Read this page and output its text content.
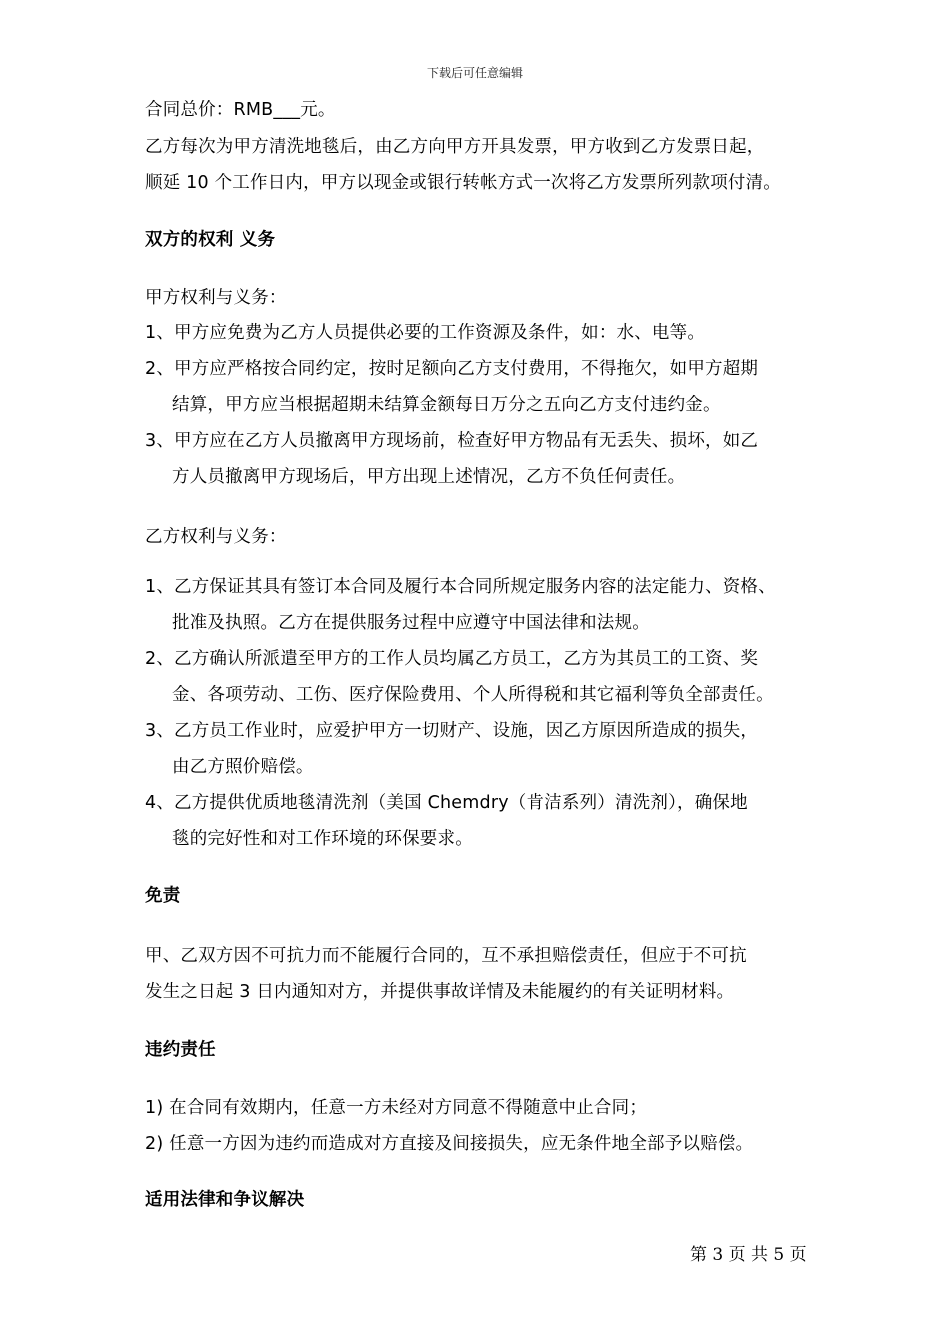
下载后可任意编辑
合同总价：RMB___元。
乙方每次为甲方清洗地毯后，由乙方向甲方开具发票，甲方收到乙方发票日起，
顺延 10 个工作日内，甲方以现金或银行转帐方式一次将乙方发票所列款项付清。
双方的权利 义务
甲方权利与义务：
1、甲方应免费为乙方人员提供必要的工作资源及条件，如：水、电等。
2、甲方应严格按合同约定，按时足额向乙方支付费用，不得拖欠，如甲方超期
结算，甲方应当根据超期未结算金额每日万分之五向乙方支付违约金。
3、甲方应在乙方人员撤离甲方现场前，检查好甲方物品有无丢失、损坏，如乙
方人员撤离甲方现场后，甲方出现上述情况，乙方不负任何责任。
乙方权利与义务：
1、乙方保证其具有签订本合同及履行本合同所规定服务内容的法定能力、资格、
批准及执照。乙方在提供服务过程中应遵守中国法律和法规。
2、乙方确认所派遣至甲方的工作人员均属乙方员工，乙方为其员工的工资、奖
金、各项劳动、工伤、医疗保险费用、个人所得税和其它福利等负全部责任。
3、乙方员工作业时，应爱护甲方一切财产、设施，因乙方原因所造成的损失，
由乙方照价赔偿。
4、乙方提供优质地毯清洗剂（美国 Chemdry（肯洁系列）清洗剂），确保地
毯的完好性和对工作环境的环保要求。
免责
甲、乙双方因不可抗力而不能履行合同的，互不承担赔偿责任，但应于不可抗
发生之日起 3 日内通知对方，并提供事故详情及未能履约的有关证明材料。
违约责任
1) 在合同有效期内，任意一方未经对方同意不得随意中止合同；
2) 任意一方因为违约而造成对方直接及间接损失，应无条件地全部予以赔偿。
适用法律和争议解决
第 3 页 共 5 页
